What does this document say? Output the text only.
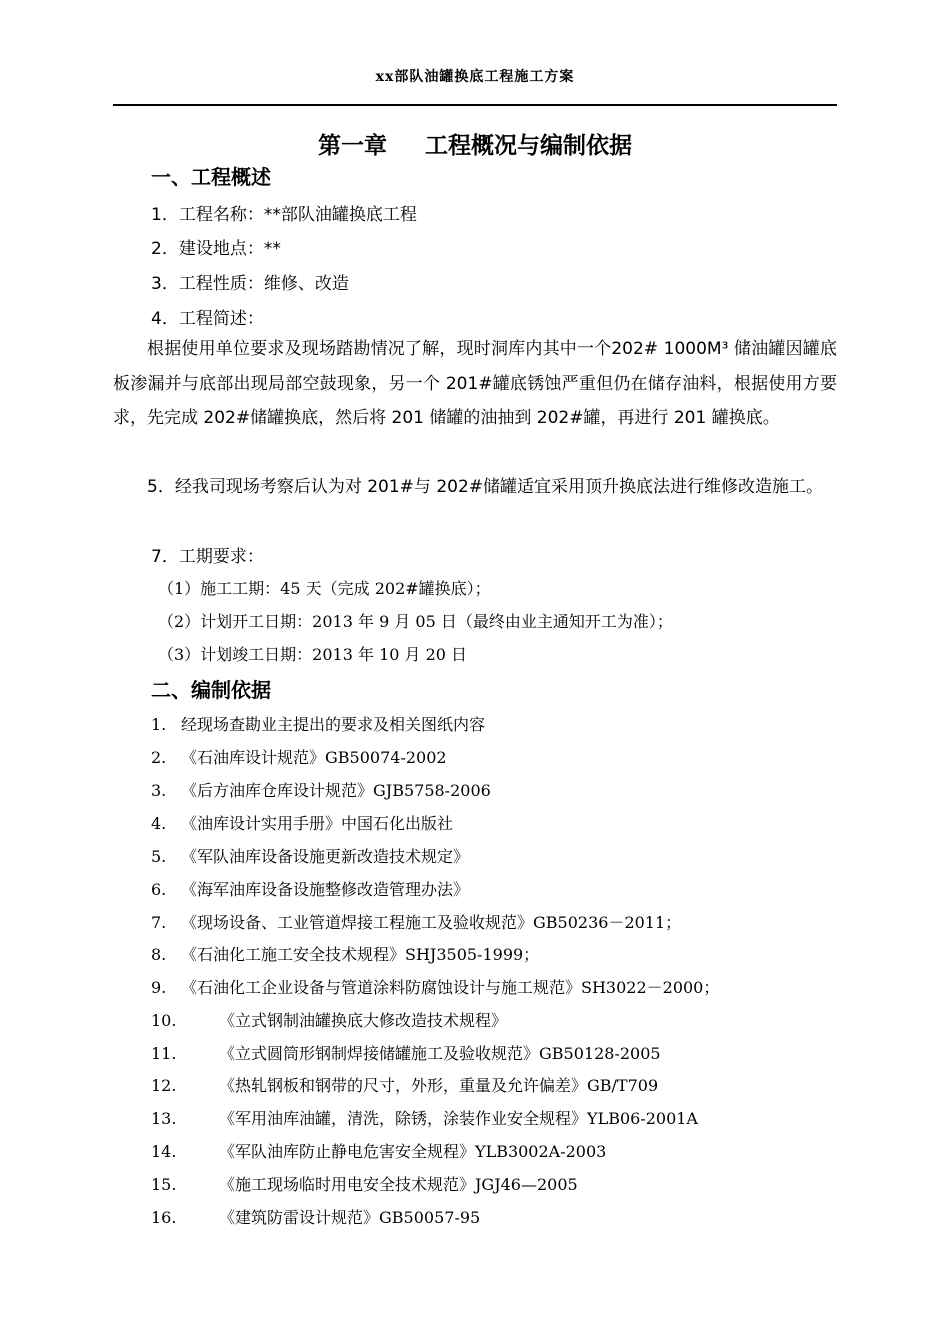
xx部队油罐换底工程施工方案
第一章 工程概况与编制依据
一、工程概述
1．工程名称：**部队油罐换底工程
2．建设地点：**
3．工程性质：维修、改造
4．工程简述：
根据使用单位要求及现场踏勘情况了解，现时洞库内其中一个202# 1000M³ 储油罐因罐底板渗漏并与底部出现局部空鼓现象，另一个 201#罐底锈蚀严重但仍在储存油料，根据使用方要求，先完成 202#储罐换底，然后将 201 储罐的油抽到 202#罐，再进行 201 罐换底。
5．经我司现场考察后认为对 201#与 202#储罐适宜采用顶升换底法进行维修改造施工。
7．工期要求：
（1）施工工期：45 天（完成 202#罐换底）；
（2）计划开工日期：2013 年 9 月 05 日（最终由业主通知开工为准）；
（3）计划竣工日期：2013 年 10 月 20 日
二、编制依据
1. 经现场查勘业主提出的要求及相关图纸内容
2. 《石油库设计规范》GB50074-2002
3. 《后方油库仓库设计规范》GJB5758-2006
4. 《油库设计实用手册》中国石化出版社
5. 《军队油库设备设施更新改造技术规定》
6. 《海军油库设备设施整修改造管理办法》
7. 《现场设备、工业管道焊接工程施工及验收规范》GB50236－2011；
8. 《石油化工施工安全技术规程》SHJ3505-1999；
9. 《石油化工企业设备与管道涂料防腐蚀设计与施工规范》SH3022－2000；
10.	《立式钢制油罐换底大修改造技术规程》
11.	《立式圆筒形钢制焊接储罐施工及验收规范》GB50128-2005
12.	《热轧钢板和钢带的尺寸，外形，重量及允许偏差》GB/T709
13.	《军用油库油罐，清洗，除锈，涂装作业安全规程》YLB06-2001A
14.	《军队油库防止静电危害安全规程》YLB3002A-2003
15.	《施工现场临时用电安全技术规范》JGJ46—2005
16.	《建筑防雷设计规范》GB50057-95
